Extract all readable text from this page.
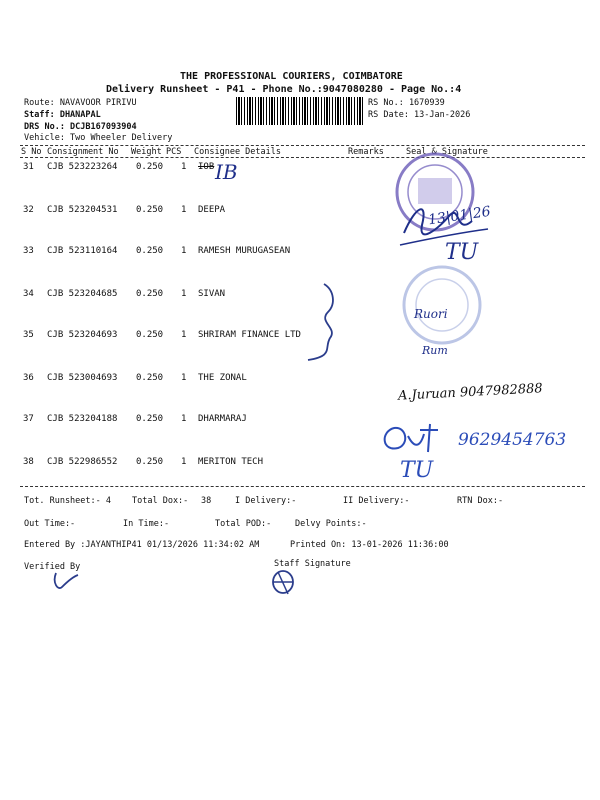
THE PROFESSIONAL COURIERS, COIMBATORE
Delivery Runsheet - P41 - Phone No.:9047080280 - Page No.:4
Route: NAVAVOOR PIRIVU
Staff: DHANAPAL
DRS No.: DCJB167093904
Vehicle: Two Wheeler Delivery
RS No.: 1670939
RS Date: 13-Jan-2026
S No Consignment No Weight PCS Consignee Details	Remarks	Seal & Signature
31 CJB 523223264 0.250 1 IOB
32 CJB 523204531 0.250 1 DEEPA
33 CJB 523110164 0.250 1 RAMESH MURUGASEAN
34 CJB 523204685 0.250 1 SIVAN
35 CJB 523204693 0.250 1 SHRIRAM FINANCE LTD
36 CJB 523004693 0.250 1 THE ZONAL
37 CJB 523204188 0.250 1 DHARMARAJ
38 CJB 522986552 0.250 1 MERITON TECH
IB
13|01|26
TU
Ruori
Rum
A.Juruan 9047982888
9629454763
TU
Tot. Runsheet:- 4 Total Dox:- 38	I Delivery:-	II Delivery:-	RTN Dox:-
Out Time:-	In Time:-	Total POD:-	Delvy Points:-
Entered By :JAYANTHIP41 01/13/2026 11:34:02 AM	Printed On: 13-01-2026 11:36:00
Verified By	Staff Signature
